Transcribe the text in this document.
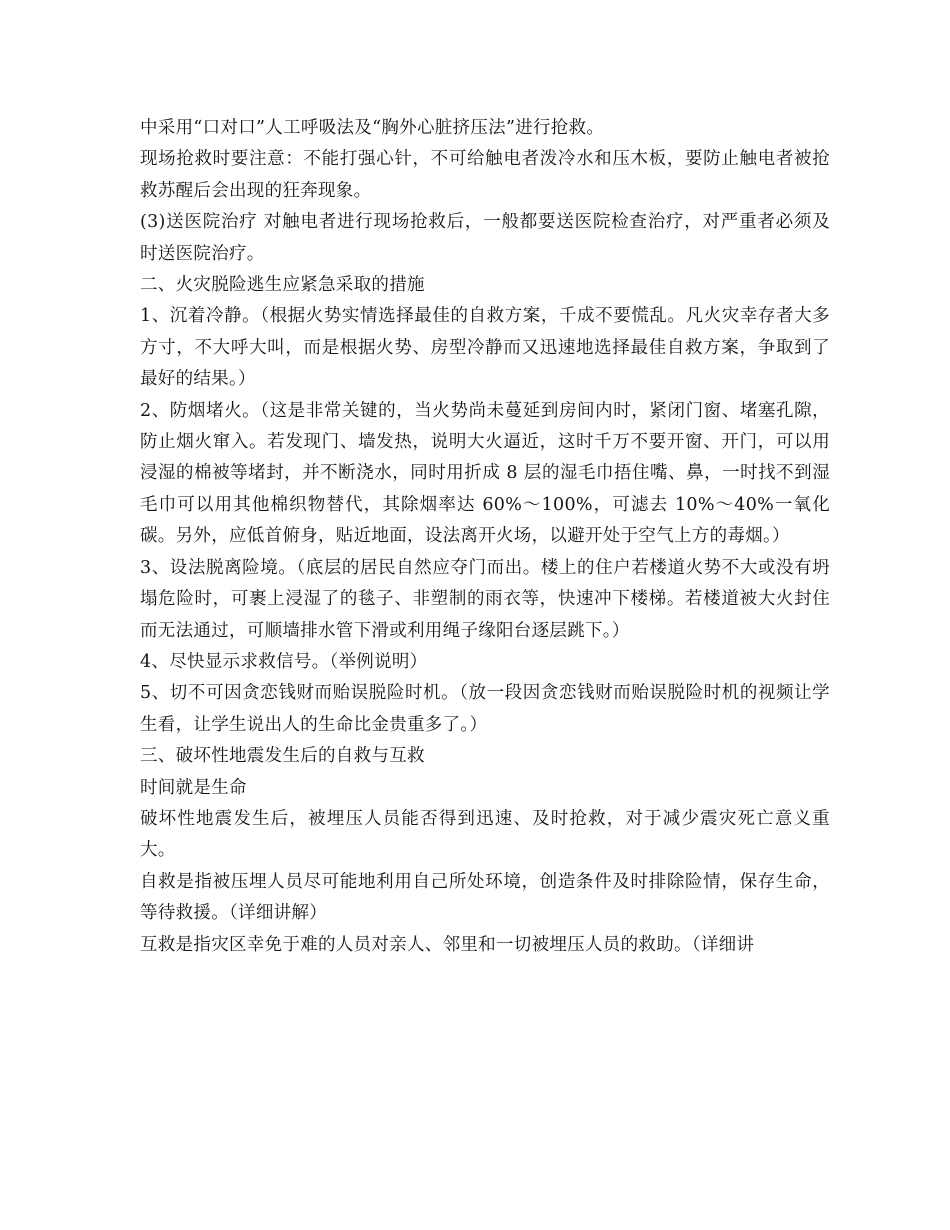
中采用“口对口”人工呼吸法及“胸外心脏挤压法”进行抢救。

现场抢救时要注意：不能打强心针，不可给触电者泼冷水和压木板，要防止触电者被抢救苏醒后会出现的狂奔现象。

(3)送医院治疗 对触电者进行现场抢救后，一般都要送医院检查治疗，对严重者必须及时送医院治疗。

二、火灾脱险逃生应紧急采取的措施

1、沉着冷静。（根据火势实情选择最佳的自救方案，千成不要慌乱。凡火灾幸存者大多方寸，不大呼大叫，而是根据火势、房型冷静而又迅速地选择最佳自救方案，争取到了最好的结果。）

2、防烟堵火。（这是非常关键的，当火势尚未蔓延到房间内时，紧闭门窗、堵塞孔隙，防止烟火窜入。若发现门、墙发热，说明大火逼近，这时千万不要开窗、开门，可以用浸湿的棉被等堵封，并不断浇水，同时用折成 8 层的湿毛巾捂住嘴、鼻，一时找不到湿毛巾可以用其他棉织物替代，其除烟率达 60%～100%，可滤去 10%～40%一氧化碳。另外，应低首俯身，贴近地面，设法离开火场，以避开处于空气上方的毒烟。）

3、设法脱离险境。（底层的居民自然应夺门而出。楼上的住户若楼道火势不大或没有坍塌危险时，可裹上浸湿了的毯子、非塑制的雨衣等，快速冲下楼梯。若楼道被大火封住而无法通过，可顺墙排水管下滑或利用绳子缘阳台逐层跳下。）

4、尽快显示求救信号。（举例说明）

5、切不可因贪恋钱财而贻误脱险时机。（放一段因贪恋钱财而贻误脱险时机的视频让学生看，让学生说出人的生命比金贵重多了。）

三、破坏性地震发生后的自救与互救

时间就是生命

破坏性地震发生后，被埋压人员能否得到迅速、及时抢救，对于减少震灾死亡意义重大。

自救是指被压埋人员尽可能地利用自己所处环境，创造条件及时排除险情，保存生命，等待救援。（详细讲解）

互救是指灾区幸免于难的人员对亲人、邻里和一切被埋压人员的救助。（详细讲
